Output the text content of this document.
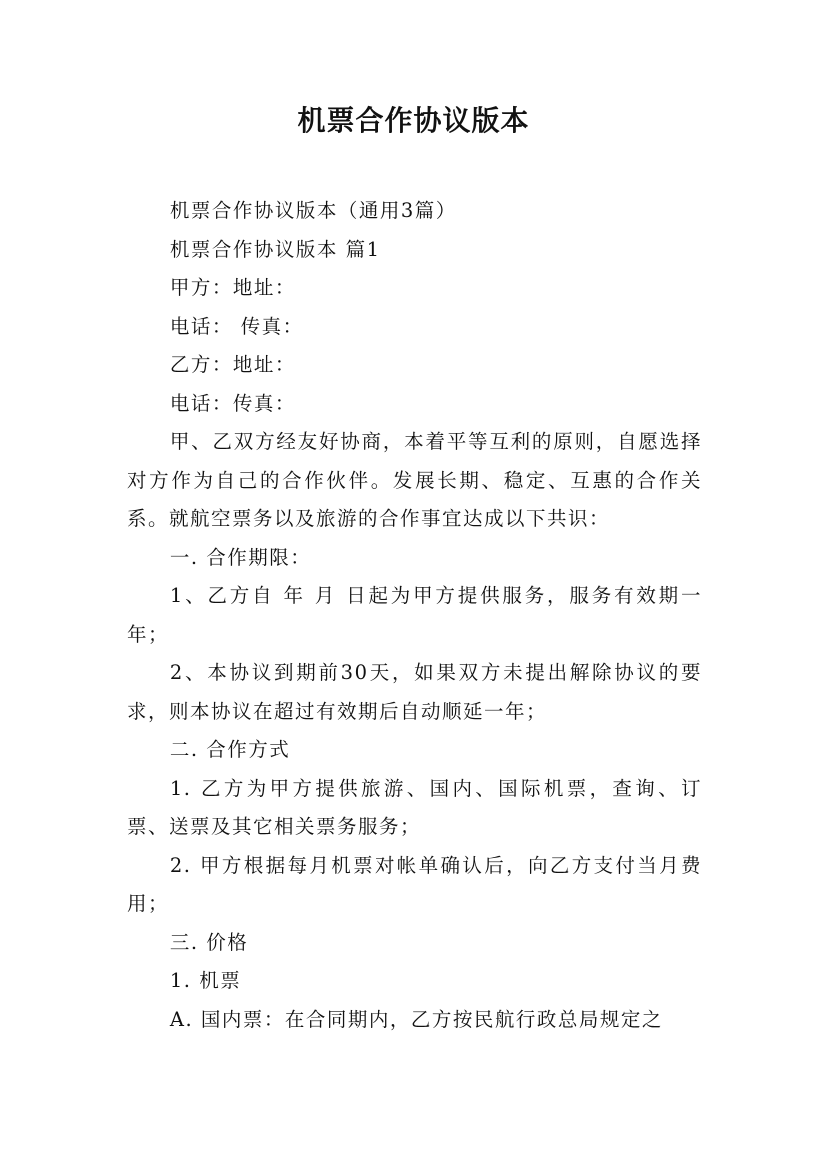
机票合作协议版本

机票合作协议版本（通用3篇）

机票合作协议版本 篇1

甲方：地址：

电话： 传真：

乙方：地址：

电话：传真：

甲、乙双方经友好协商，本着平等互利的原则，自愿选择对方作为自己的合作伙伴。发展长期、稳定、互惠的合作关系。就航空票务以及旅游的合作事宜达成以下共识：

一. 合作期限：

1、乙方自 年 月 日起为甲方提供服务，服务有效期一年；

2、本协议到期前30天，如果双方未提出解除协议的要求，则本协议在超过有效期后自动顺延一年；

二. 合作方式

1. 乙方为甲方提供旅游、国内、国际机票，查询、订票、送票及其它相关票务服务；

2. 甲方根据每月机票对帐单确认后，向乙方支付当月费用；

三. 价格

1. 机票

A. 国内票：在合同期内，乙方按民航行政总局规定之
